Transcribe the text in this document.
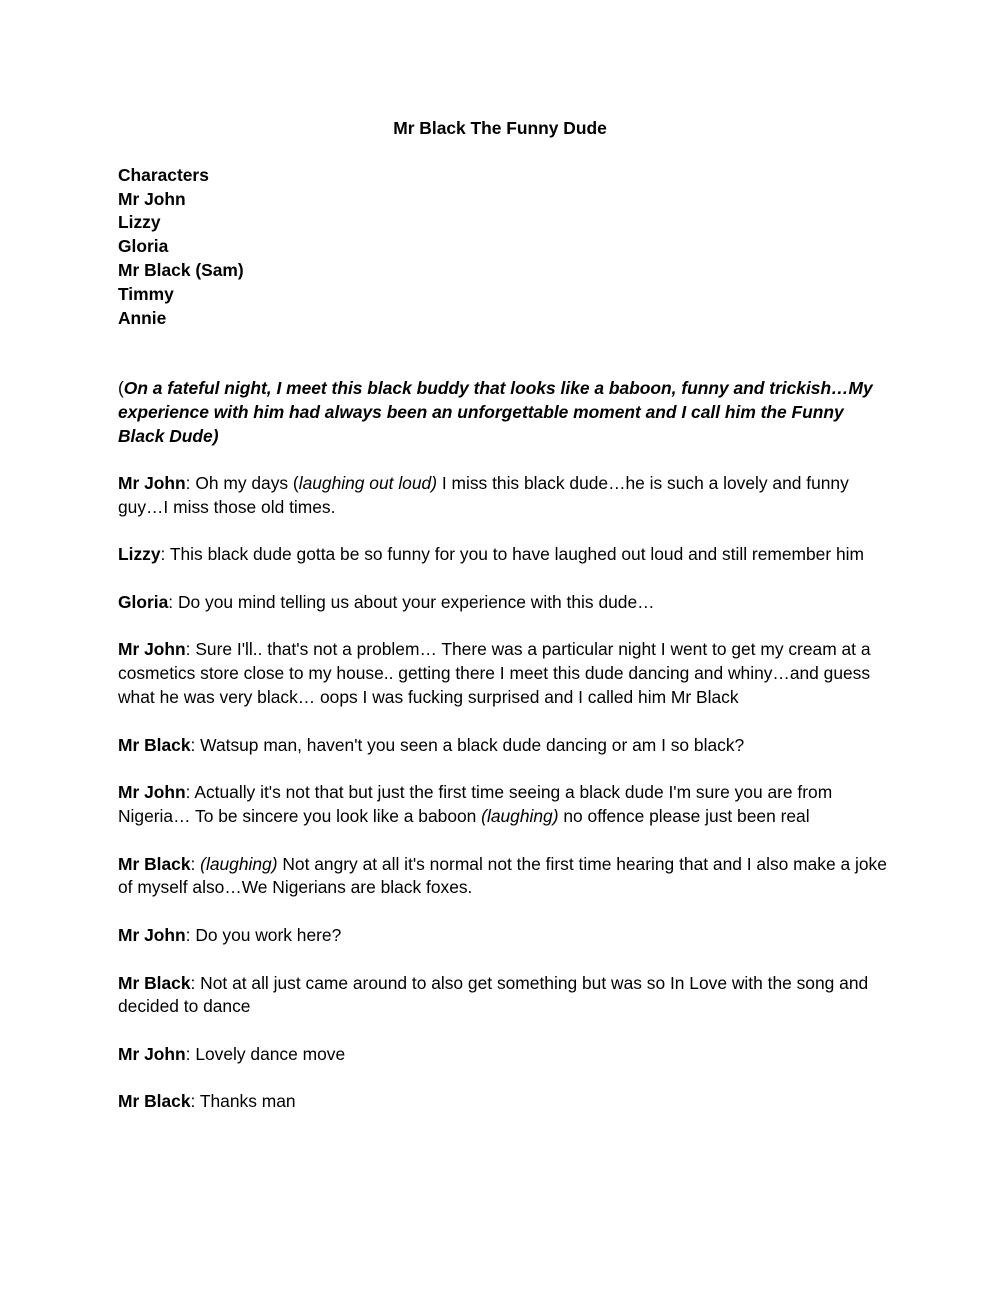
Mr Black The Funny Dude
Characters
Mr John
Lizzy
Gloria
Mr Black (Sam)
Timmy
Annie
(On a fateful night, I meet this black buddy that looks like a baboon, funny and trickish…My experience with him had always been an unforgettable moment and I call him the Funny Black Dude)
Mr John: Oh my days (laughing out loud) I miss this black dude…he is such a lovely and funny guy…I miss those old times.
Lizzy: This black dude gotta be so funny for you to have laughed out loud and still remember him
Gloria: Do you mind telling us about your experience with this dude…
Mr John: Sure I'll.. that's not a problem… There was a particular night I went to get my cream at a cosmetics store close to my house.. getting there I meet this dude dancing and whiny…and guess what he was very black… oops I was fucking surprised and I called him Mr Black
Mr Black: Watsup man, haven't you seen a black dude dancing or am I so black?
Mr John: Actually it's not that but just the first time seeing a black dude I'm sure you are from Nigeria… To be sincere you look like a baboon (laughing) no offence please just been real
Mr Black: (laughing) Not angry at all it's normal not the first time hearing that and I also make a joke of myself also…We Nigerians are black foxes.
Mr John: Do you work here?
Mr Black: Not at all just came around to also get something but was so In Love with the song and decided to dance
Mr John: Lovely dance move
Mr Black: Thanks man
